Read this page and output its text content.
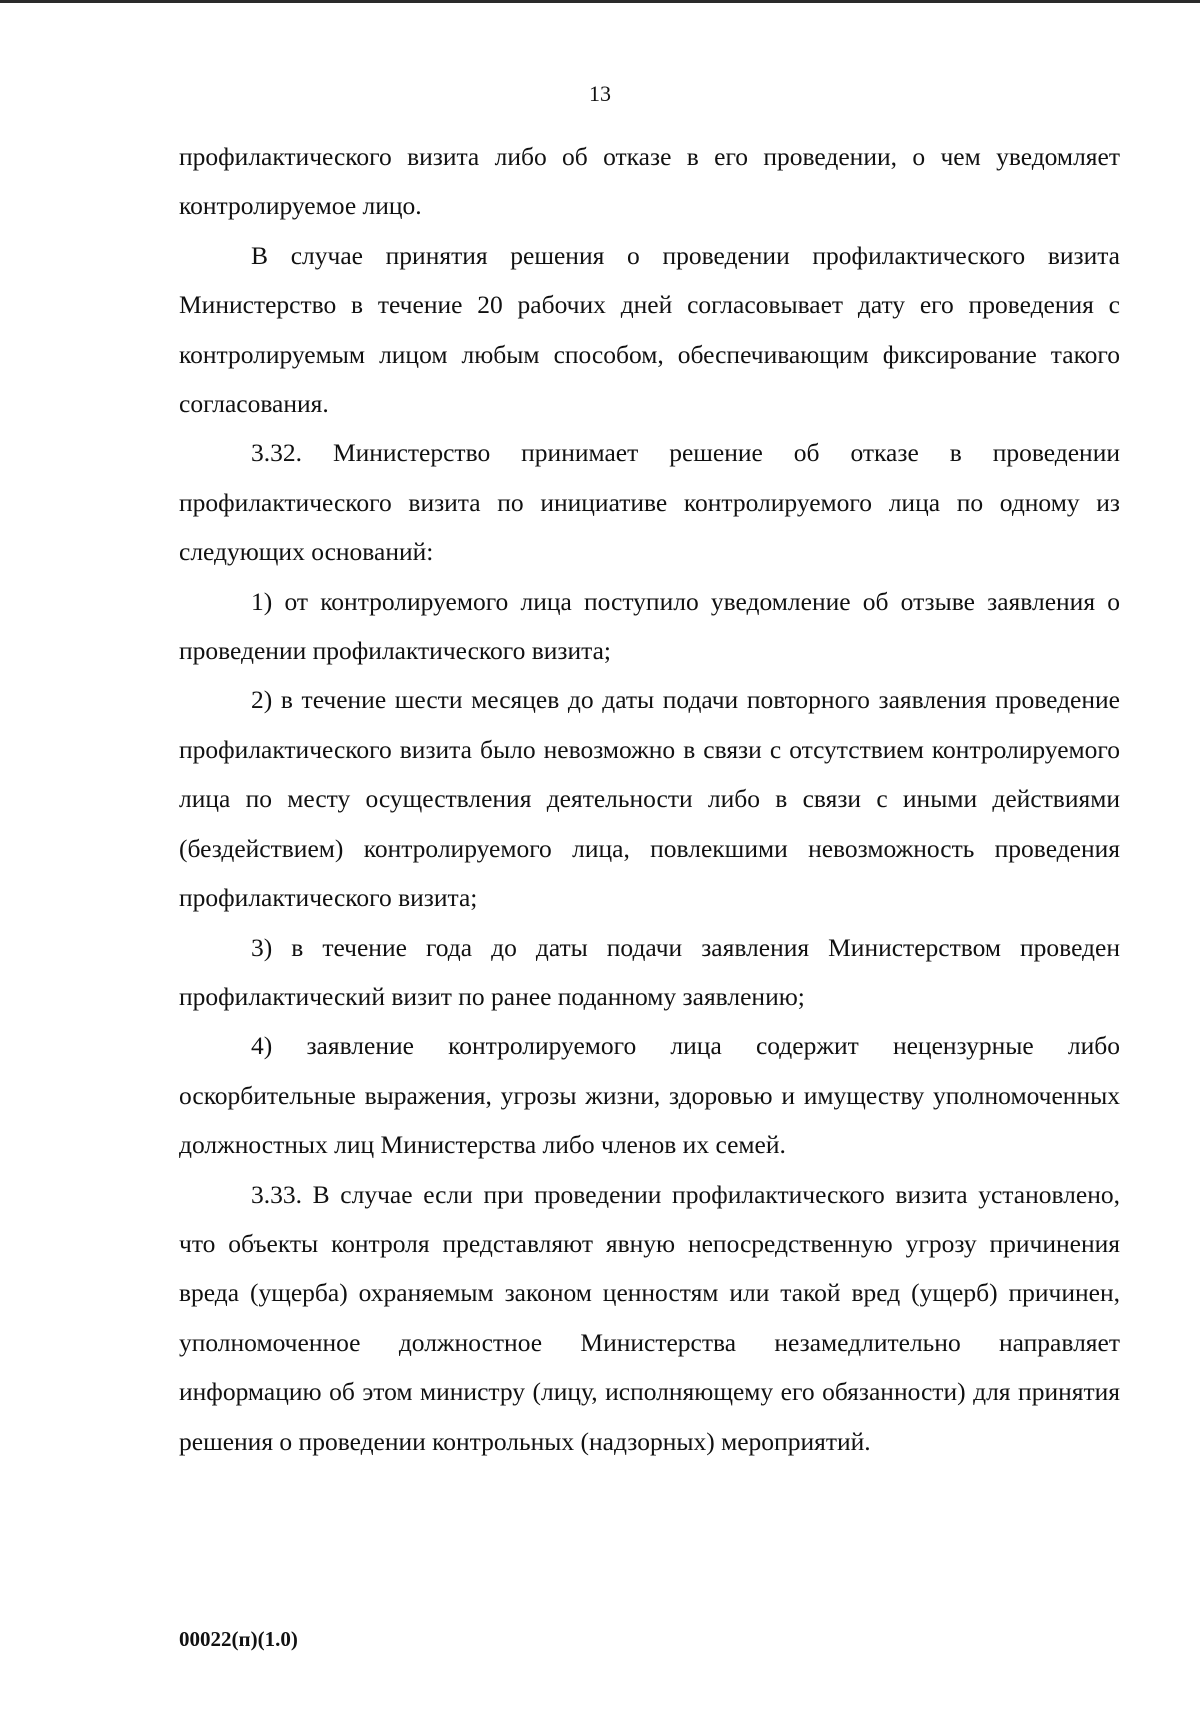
13

профилактического визита либо об отказе в его проведении, о чем уведомляет контролируемое лицо.

В случае принятия решения о проведении профилактического визита Министерство в течение 20 рабочих дней согласовывает дату его проведения с контролируемым лицом любым способом, обеспечивающим фиксирование такого согласования.

3.32. Министерство принимает решение об отказе в проведении профилактического визита по инициативе контролируемого лица по одному из следующих оснований:

1) от контролируемого лица поступило уведомление об отзыве заявления о проведении профилактического визита;

2) в течение шести месяцев до даты подачи повторного заявления проведение профилактического визита было невозможно в связи с отсутствием контролируемого лица по месту осуществления деятельности либо в связи с иными действиями (бездействием) контролируемого лица, повлекшими невозможность проведения профилактического визита;

3) в течение года до даты подачи заявления Министерством проведен профилактический визит по ранее поданному заявлению;

4) заявление контролируемого лица содержит нецензурные либо оскорбительные выражения, угрозы жизни, здоровью и имуществу уполномоченных должностных лиц Министерства либо членов их семей.

3.33. В случае если при проведении профилактического визита установлено, что объекты контроля представляют явную непосредственную угрозу причинения вреда (ущерба) охраняемым законом ценностям или такой вред (ущерб) причинен, уполномоченное должностное Министерства незамедлительно направляет информацию об этом министру (лицу, исполняющему его обязанности) для принятия решения о проведении контрольных (надзорных) мероприятий.

00022(п)(1.0)
